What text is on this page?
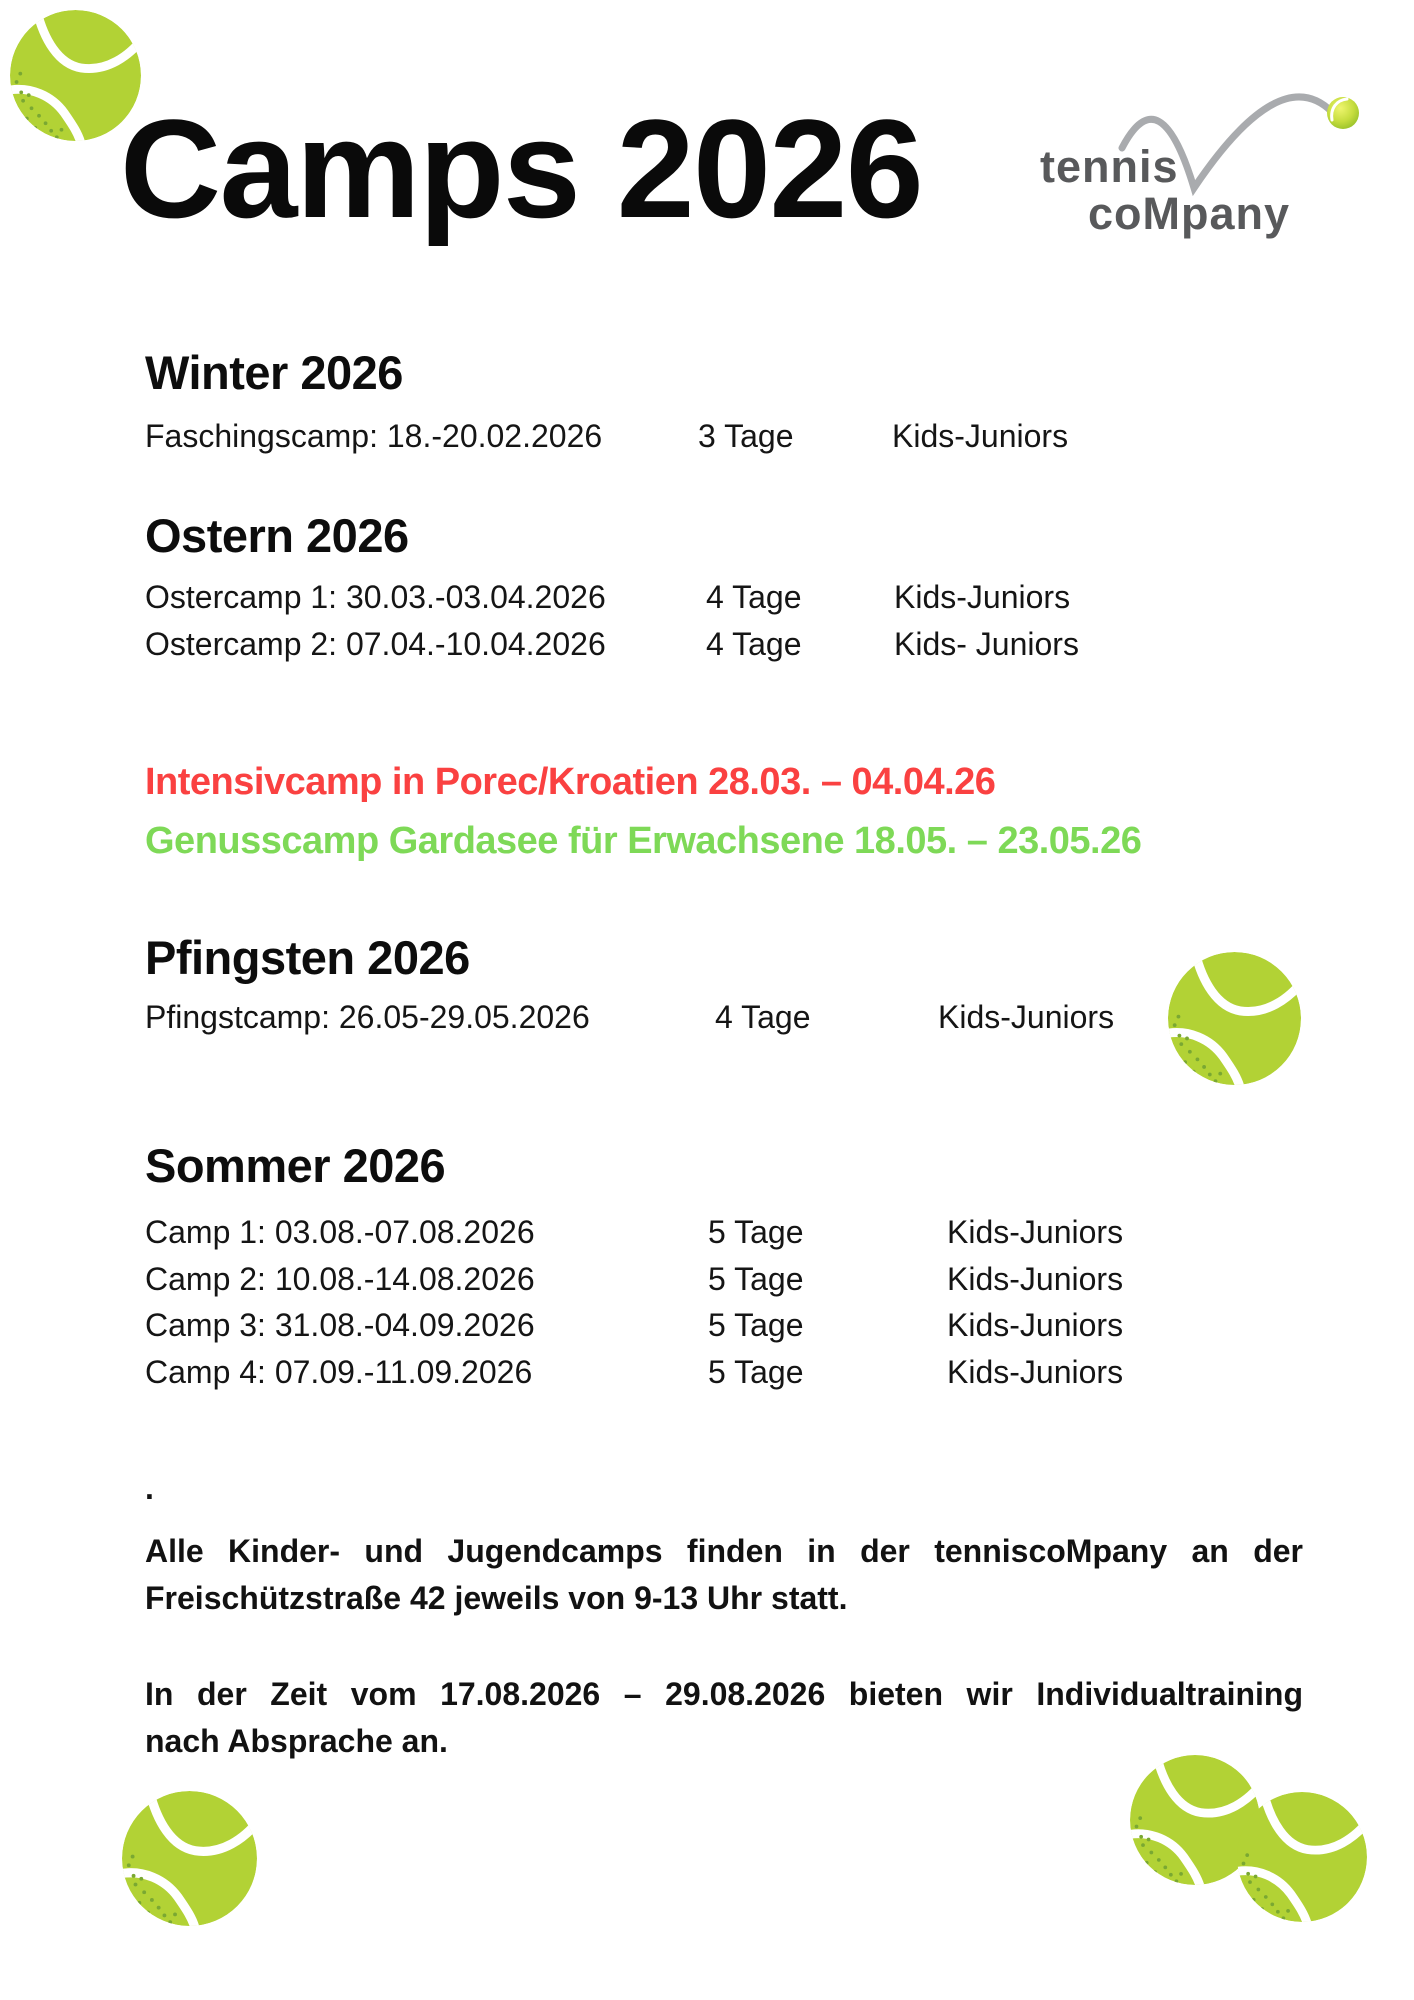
Camps 2026	tennis
coMpany
Winter 2026
Faschingscamp: 18.-20.02.2026	3 Tage	Kids-Juniors
Ostern 2026
Ostercamp 1: 30.03.-03.04.2026	4 Tage	Kids-Juniors
Ostercamp 2: 07.04.-10.04.2026	4 Tage	Kids- Juniors
Intensivcamp in Porec/Kroatien 28.03. – 04.04.26
Genusscamp Gardasee für Erwachsene 18.05. – 23.05.26
Pfingsten 2026
Pfingstcamp: 26.05-29.05.2026	4 Tage	Kids-Juniors
Sommer 2026
Camp 1: 03.08.-07.08.2026	5 Tage	Kids-Juniors
Camp 2: 10.08.-14.08.2026	5 Tage	Kids-Juniors
Camp 3: 31.08.-04.09.2026	5 Tage	Kids-Juniors
Camp 4: 07.09.-11.09.2026	5 Tage	Kids-Juniors
.
Alle Kinder- und Jugendcamps finden in der tenniscoMpany an der
Freischützstraße 42 jeweils von 9-13 Uhr statt.
In der Zeit vom 17.08.2026 – 29.08.2026 bieten wir Individualtraining
nach Absprache an.
